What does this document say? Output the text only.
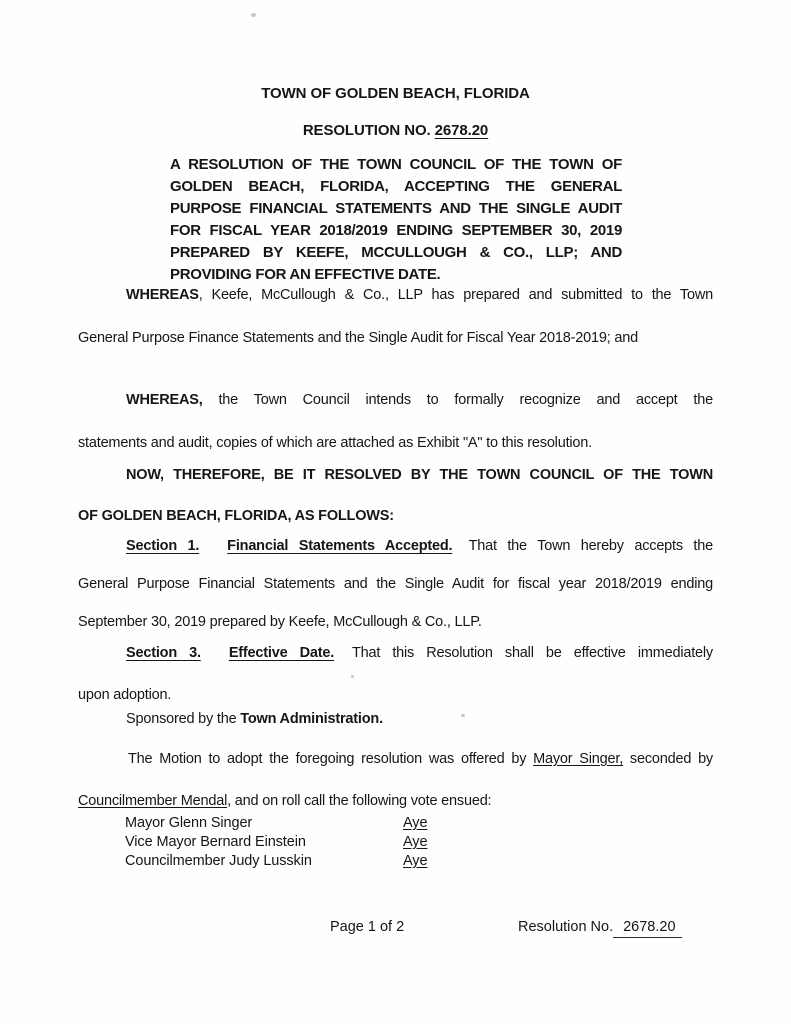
TOWN OF GOLDEN BEACH, FLORIDA
RESOLUTION NO. 2678.20
A RESOLUTION OF THE TOWN COUNCIL OF THE TOWN OF GOLDEN BEACH, FLORIDA, ACCEPTING THE GENERAL PURPOSE FINANCIAL STATEMENTS AND THE SINGLE AUDIT FOR FISCAL YEAR 2018/2019 ENDING SEPTEMBER 30, 2019 PREPARED BY KEEFE, MCCULLOUGH & CO., LLP; AND PROVIDING FOR AN EFFECTIVE DATE.
WHEREAS, Keefe, McCullough & Co., LLP has prepared and submitted to the Town General Purpose Finance Statements and the Single Audit for Fiscal Year 2018-2019; and
WHEREAS, the Town Council intends to formally recognize and accept the statements and audit, copies of which are attached as Exhibit "A" to this resolution.
NOW, THEREFORE, BE IT RESOLVED BY THE TOWN COUNCIL OF THE TOWN OF GOLDEN BEACH, FLORIDA, AS FOLLOWS:
Section 1. Financial Statements Accepted. That the Town hereby accepts the General Purpose Financial Statements and the Single Audit for fiscal year 2018/2019 ending September 30, 2019 prepared by Keefe, McCullough & Co., LLP.
Section 3. Effective Date. That this Resolution shall be effective immediately upon adoption.
Sponsored by the Town Administration.
The Motion to adopt the foregoing resolution was offered by Mayor Singer, seconded by Councilmember Mendal, and on roll call the following vote ensued:
Mayor Glenn Singer	Aye
Vice Mayor Bernard Einstein	Aye
Councilmember Judy Lusskin	Aye
Page 1 of 2	Resolution No. 2678.20
